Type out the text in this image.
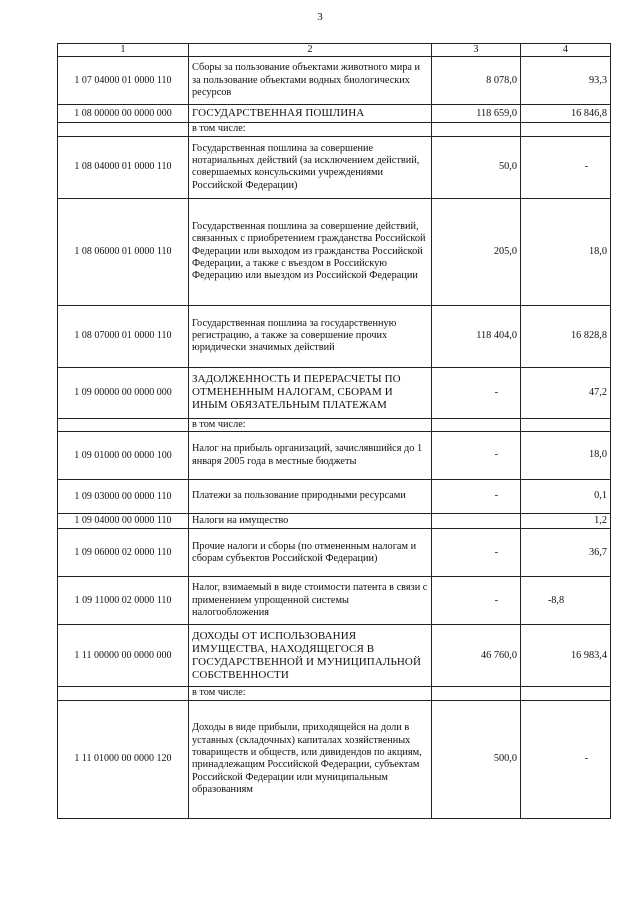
3
1	2	3	4
1 07 04000 01 0000 110	Сборы за пользование объектами животного мира и за пользование объектами водных биологических ресурсов	8 078,0	93,3
1 08 00000 00 0000 000	ГОСУДАРСТВЕННАЯ ПОШЛИНА	118 659,0	16 846,8
	в том числе:		
1 08 04000 01 0000 110	Государственная пошлина за совершение нотариальных действий (за исключением действий, совершаемых консульскими учреждениями Российской Федерации)	50,0	-
1 08 06000 01 0000 110	Государственная пошлина за совершение действий, связанных с приобретением гражданства Российской Федерации или выходом из гражданства Российской Федерации, а также с въездом в Российскую Федерацию или выездом из Российской Федерации	205,0	18,0
1 08 07000 01 0000 110	Государственная пошлина за государственную регистрацию, а также за совершение прочих юридически значимых действий	118 404,0	16 828,8
1 09 00000 00 0000 000	ЗАДОЛЖЕННОСТЬ И ПЕРЕРАСЧЕТЫ ПО ОТМЕНЕННЫМ НАЛОГАМ, СБОРАМ И ИНЫМ ОБЯЗАТЕЛЬНЫМ ПЛАТЕЖАМ	-	47,2
	в том числе:		
1 09 01000 00 0000 100	Налог на прибыль организаций, зачислявшийся до 1 января 2005 года в местные бюджеты	-	18,0
1 09 03000 00 0000 110	Платежи за пользование природными ресурсами	-	0,1
1 09 04000 00 0000 110	Налоги на имущество		1,2
1 09 06000 02 0000 110	Прочие налоги и сборы (по отмененным налогам и сборам субъектов Российской Федерации)	-	36,7
1 09 11000 02 0000 110	Налог, взимаемый в виде стоимости патента в связи с применением упрощенной системы налогообложения	-	-8,8
1 11 00000 00 0000 000	ДОХОДЫ ОТ ИСПОЛЬЗОВАНИЯ ИМУЩЕСТВА, НАХОДЯЩЕГОСЯ В ГОСУДАРСТВЕННОЙ И МУНИЦИПАЛЬНОЙ СОБСТВЕННОСТИ	46 760,0	16 983,4
	в том числе:		
1 11 01000 00 0000 120	Доходы в виде прибыли, приходящейся на доли в уставных (складочных) капиталах хозяйственных товариществ и обществ, или дивидендов по акциям, принадлежащим Российской Федерации, субъектам Российской Федерации или муниципальным образованиям	500,0	-
